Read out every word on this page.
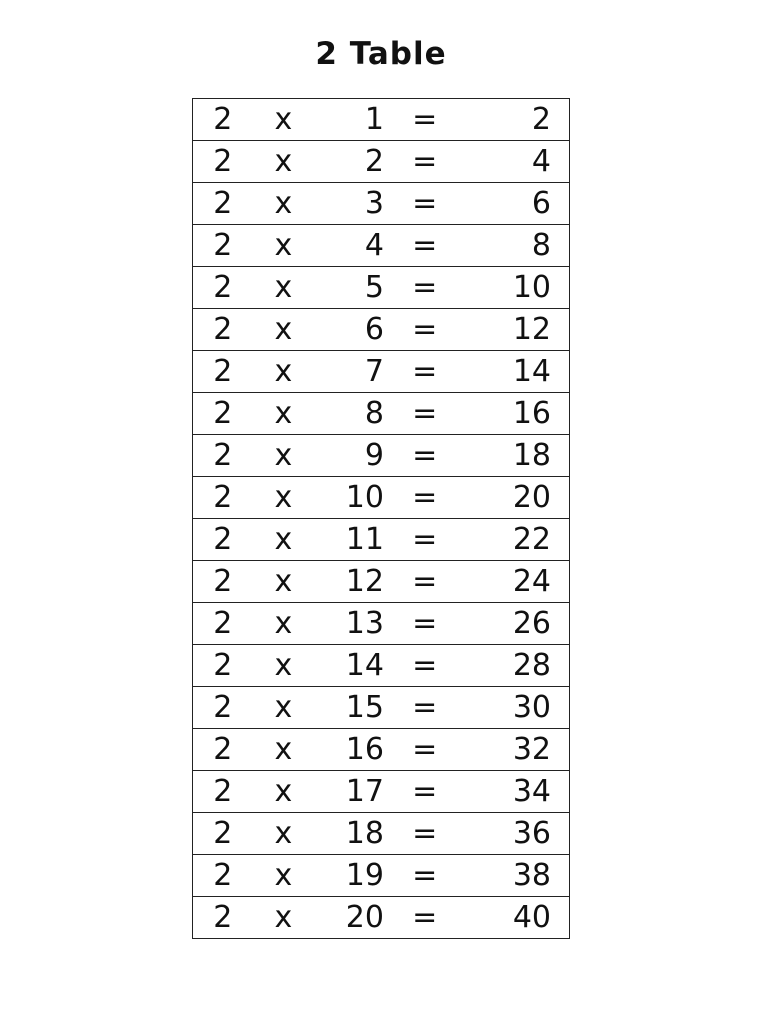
2 Table
2	x	1	=	2
2	x	2	=	4
2	x	3	=	6
2	x	4	=	8
2	x	5	=	10
2	x	6	=	12
2	x	7	=	14
2	x	8	=	16
2	x	9	=	18
2	x	10	=	20
2	x	11	=	22
2	x	12	=	24
2	x	13	=	26
2	x	14	=	28
2	x	15	=	30
2	x	16	=	32
2	x	17	=	34
2	x	18	=	36
2	x	19	=	38
2	x	20	=	40
